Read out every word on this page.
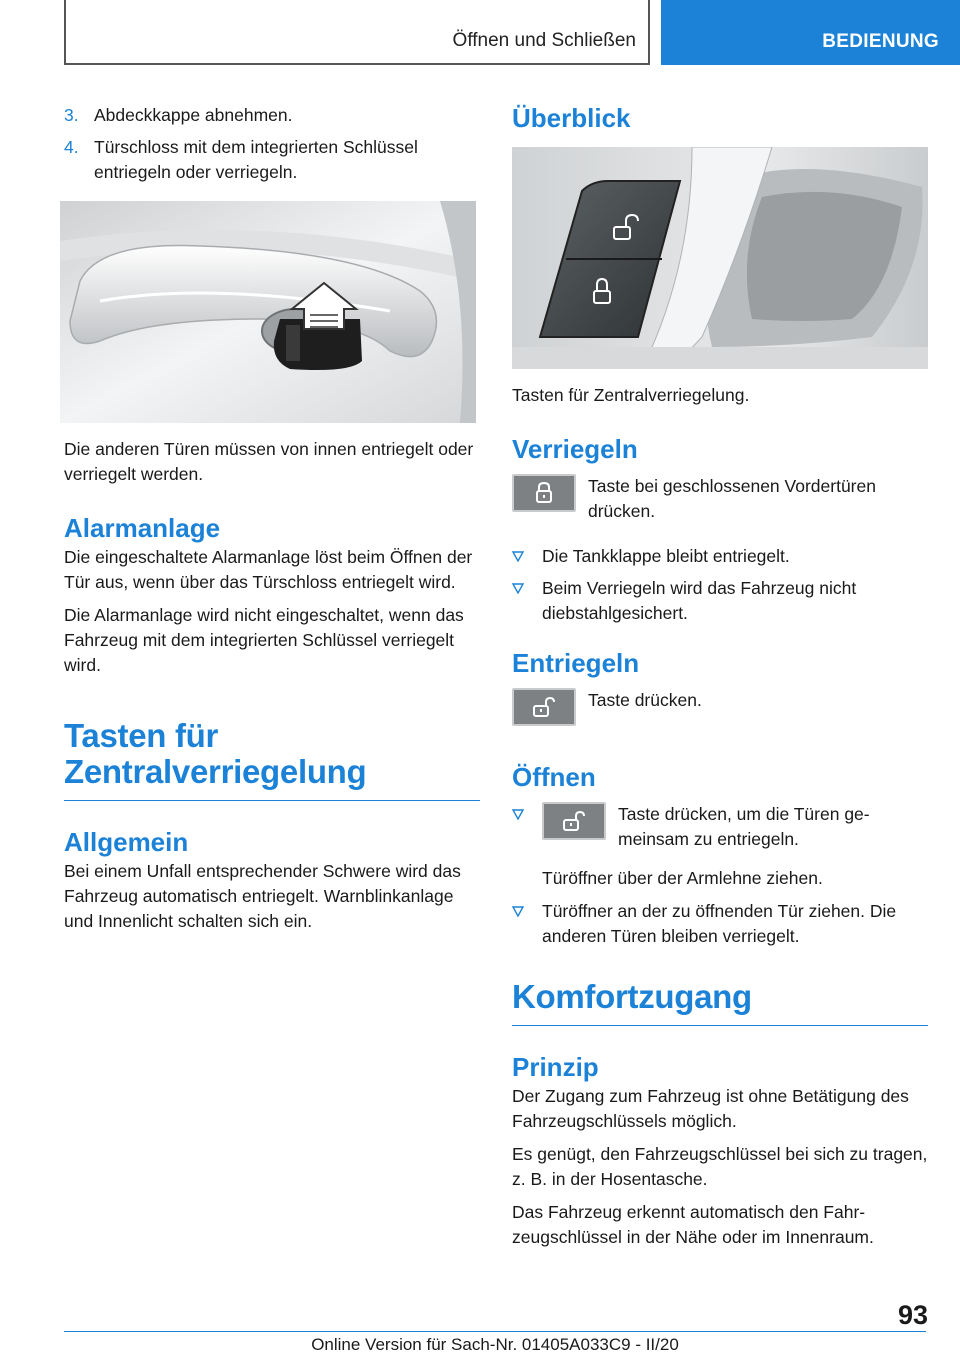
Öffnen und Schließen	BEDIENUNG
3. Abdeckkappe abnehmen.
4. Türschloss mit dem integrierten Schlüssel entriegeln oder verriegeln.

Die anderen Türen müssen von innen entriegelt oder verriegelt werden.

Alarmanlage

Die eingeschaltete Alarmanlage löst beim Öffnen der Tür aus, wenn über das Türschloss entriegelt wird.

Die Alarmanlage wird nicht eingeschaltet, wenn das Fahrzeug mit dem integrierten Schlüssel verriegelt wird.

Tasten für Zentralverriegelung
Allgemein

Bei einem Unfall entsprechender Schwere wird das Fahrzeug automatisch entriegelt. Warnblinkanlage und Innenlicht schalten sich ein.

Überblick

Tasten für Zentralverriegelung.

Verriegeln
Taste bei geschlossenen Vordertüren drücken.
Die Tankklappe bleibt entriegelt.
Beim Verriegeln wird das Fahrzeug nicht diebstahlgesichert.
Entriegeln
Taste drücken.
Öffnen
Taste drücken, um die Türen gemeinsam zu entriegeln.

Türöffner über der Armlehne ziehen.

Türöffner an der zu öffnenden Tür ziehen. Die anderen Türen bleiben verriegelt.
Komfortzugang
Prinzip

Der Zugang zum Fahrzeug ist ohne Betätigung des Fahrzeugschlüssels möglich.

Es genügt, den Fahrzeugschlüssel bei sich zu tragen, z. B. in der Hosentasche.

Das Fahrzeug erkennt automatisch den Fahrzeugschlüssel in der Nähe oder im Innenraum.

93
Online Version für Sach-Nr. 01405A033C9 - II/20
